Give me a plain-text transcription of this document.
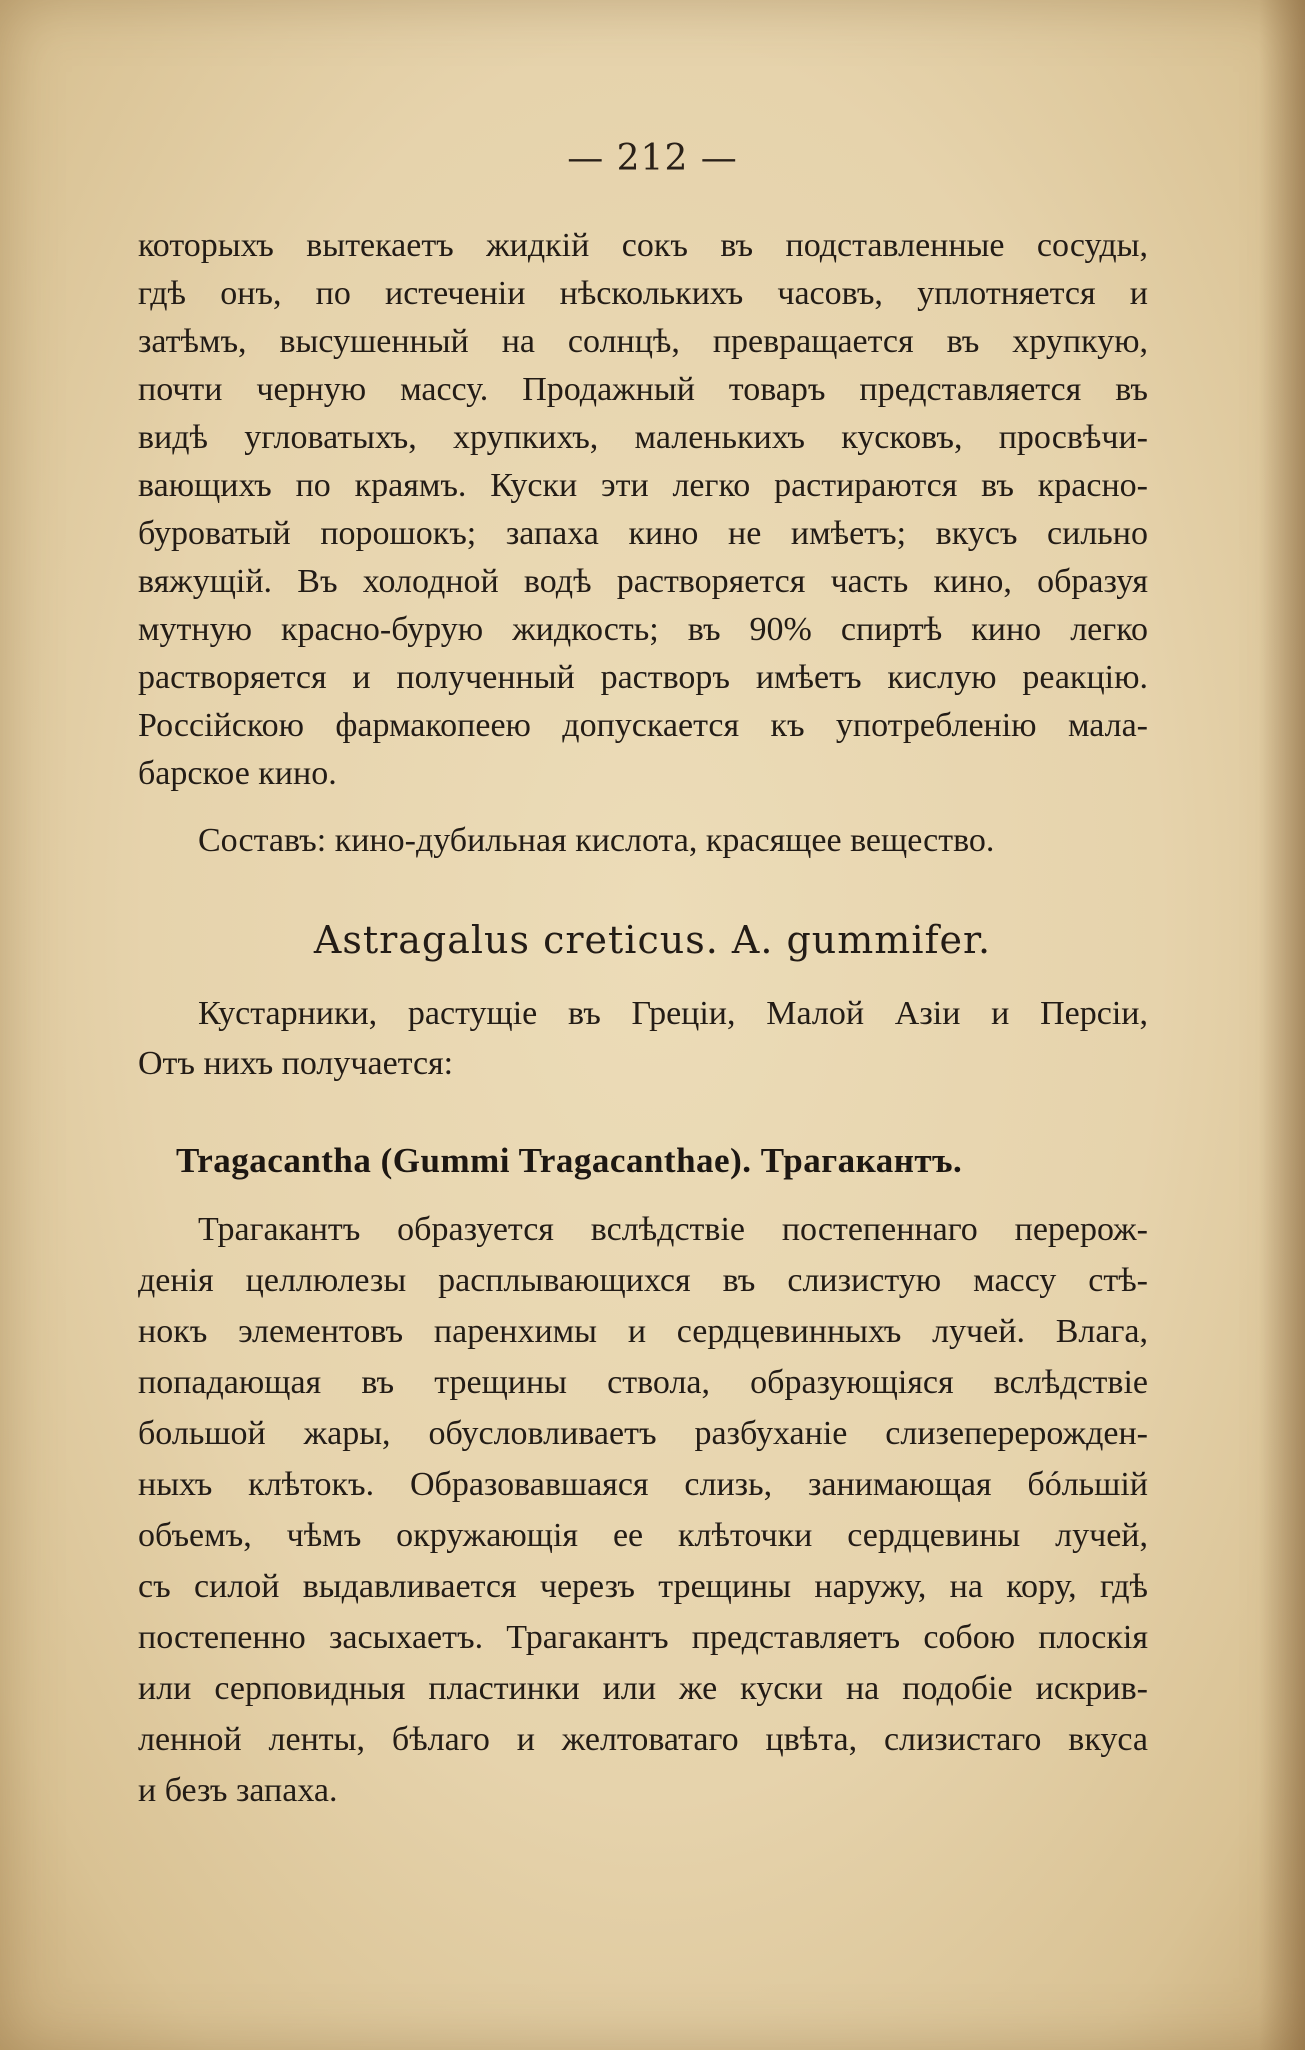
— 212 —
которыхъ вытекаетъ жидкій сокъ въ подставленные сосуды,
гдѣ онъ, по истеченіи нѣсколькихъ часовъ, уплотняется и
затѣмъ, высушенный на солнцѣ, превращается въ хрупкую,
почти черную массу. Продажный товаръ представляется въ
видѣ угловатыхъ, хрупкихъ, маленькихъ кусковъ, просвѣчи-
вающихъ по краямъ. Куски эти легко растираются въ красно-
буроватый порошокъ; запаха кино не имѣетъ; вкусъ сильно
вяжущій. Въ холодной водѣ растворяется часть кино, образуя
мутную красно-бурую жидкость; въ 90% спиртѣ кино легко
растворяется и полученный растворъ имѣетъ кислую реакцію.
Россійскою фармакопеею допускается къ употребленію мала-
барское кино.
Составъ: кино-дубильная кислота, красящее вещество.
Astragalus creticus. A. gummifer.
Кустарники, растущіе въ Греціи, Малой Азіи и Персіи,
Отъ нихъ получается:
Tragacantha (Gummi Tragacanthae). Трагакантъ.
Трагакантъ образуется вслѣдствіе постепеннаго перерож-
денія целлюлезы расплывающихся въ слизистую массу стѣ-
нокъ элементовъ паренхимы и сердцевинныхъ лучей. Влага,
попадающая въ трещины ствола, образующіяся вслѣдствіе
большой жары, обусловливаетъ разбуханіе слизеперерожден-
ныхъ клѣтокъ. Образовавшаяся слизь, занимающая бóльшій
объемъ, чѣмъ окружающія ее клѣточки сердцевины лучей,
съ силой выдавливается черезъ трещины наружу, на кору, гдѣ
постепенно засыхаетъ. Трагакантъ представляетъ собою плоскія
или серповидныя пластинки или же куски на подобіе искрив-
ленной ленты, бѣлаго и желтоватаго цвѣта, слизистаго вкуса
и безъ запаха.
